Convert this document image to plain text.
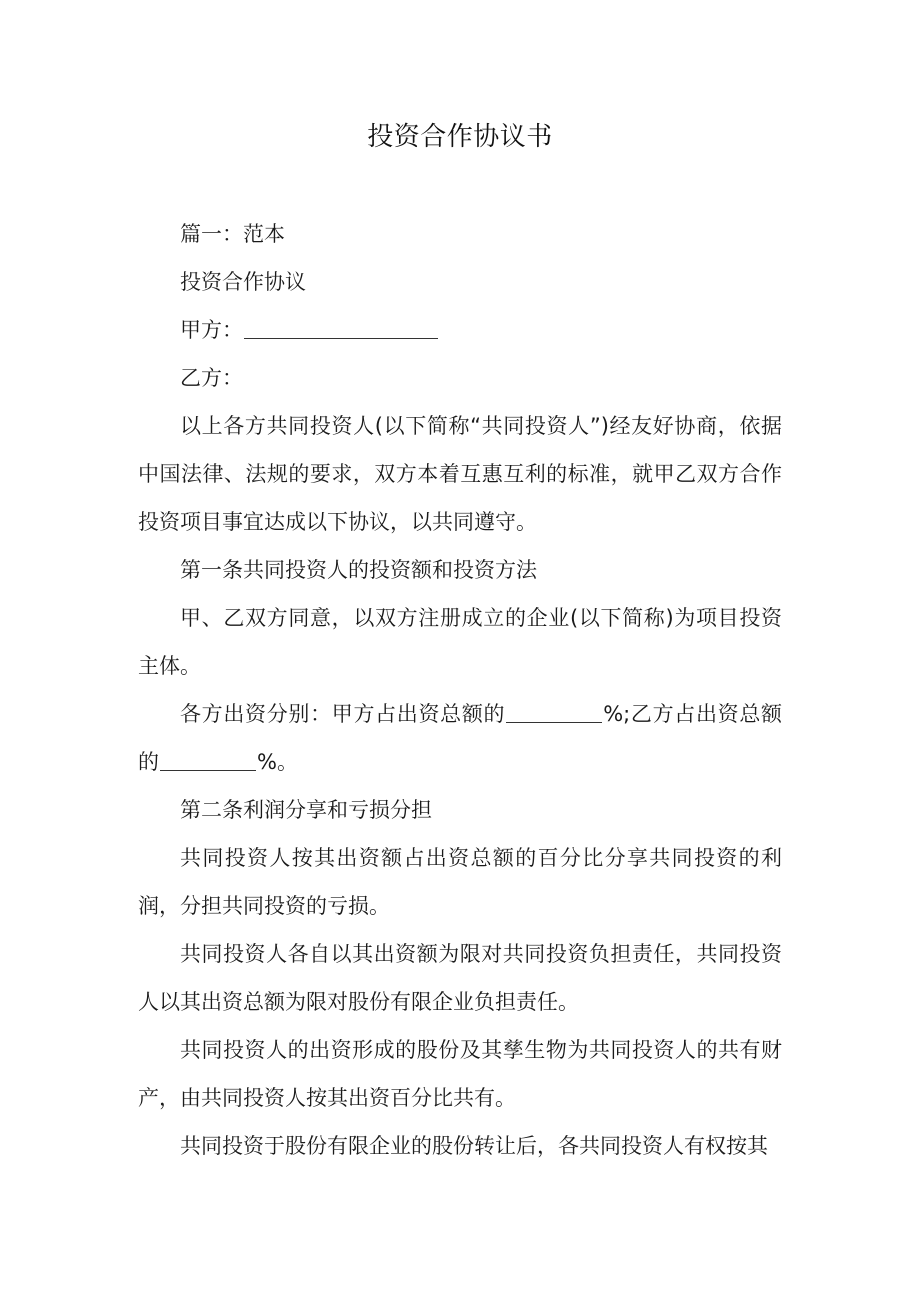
投资合作协议书

篇一：范本

投资合作协议

甲方：

乙方：

以上各方共同投资人(以下简称“共同投资人”)经友好协商，依据中国法律、法规的要求，双方本着互惠互利的标准，就甲乙双方合作投资项目事宜达成以下协议，以共同遵守。

第一条共同投资人的投资额和投资方法

甲、乙双方同意，以双方注册成立的企业(以下简称)为项目投资主体。

各方出资分别：甲方占出资总额的	%;乙方占出资总额的	%。

第二条利润分享和亏损分担

共同投资人按其出资额占出资总额的百分比分享共同投资的利润，分担共同投资的亏损。

共同投资人各自以其出资额为限对共同投资负担责任，共同投资人以其出资总额为限对股份有限企业负担责任。

共同投资人的出资形成的股份及其孳生物为共同投资人的共有财产，由共同投资人按其出资百分比共有。

共同投资于股份有限企业的股份转让后，各共同投资人有权按其
